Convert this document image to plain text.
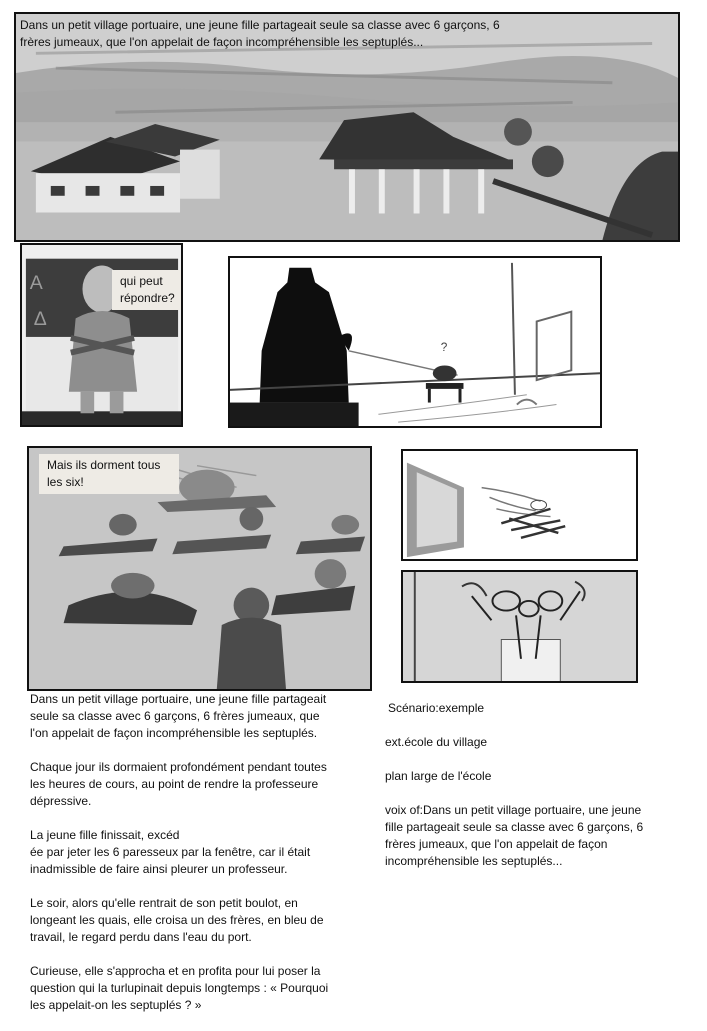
Dans un petit village portuaire, une jeune fille partageait seule sa classe avec 6 garçons, 6 frères jumeaux, que l'on appelait de façon incompréhensible les septuplés...
A
Δ
qui peut répondre?
?
Mais ils dorment tous les six!

Dans un petit village portuaire, une jeune fille partageait seule sa classe avec 6 garçons, 6 frères jumeaux, que l'on appelait de façon incompréhensible les septuplés.

Chaque jour ils dormaient profondément pendant toutes les heures de cours, au point de rendre la professeure dépressive.

La jeune fille finissait, excéd
ée par jeter les 6 paresseux par la fenêtre, car il était inadmissible de faire ainsi pleurer un professeur.

Le soir, alors qu'elle rentrait de son petit boulot, en longeant les quais, elle croisa un des frères, en bleu de travail, le regard perdu dans l'eau du port.

Curieuse, elle s'approcha et en profita pour lui poser la question qui la turlupinait depuis longtemps : « Pourquoi les appelait-on les septuplés ? »

Scénario:exemple

ext.école du village

plan large de l'école

voix of:Dans un petit village portuaire, une jeune fille partageait seule sa classe avec 6 garçons, 6 frères jumeaux, que l'on appelait de façon incompréhensible les septuplés...
